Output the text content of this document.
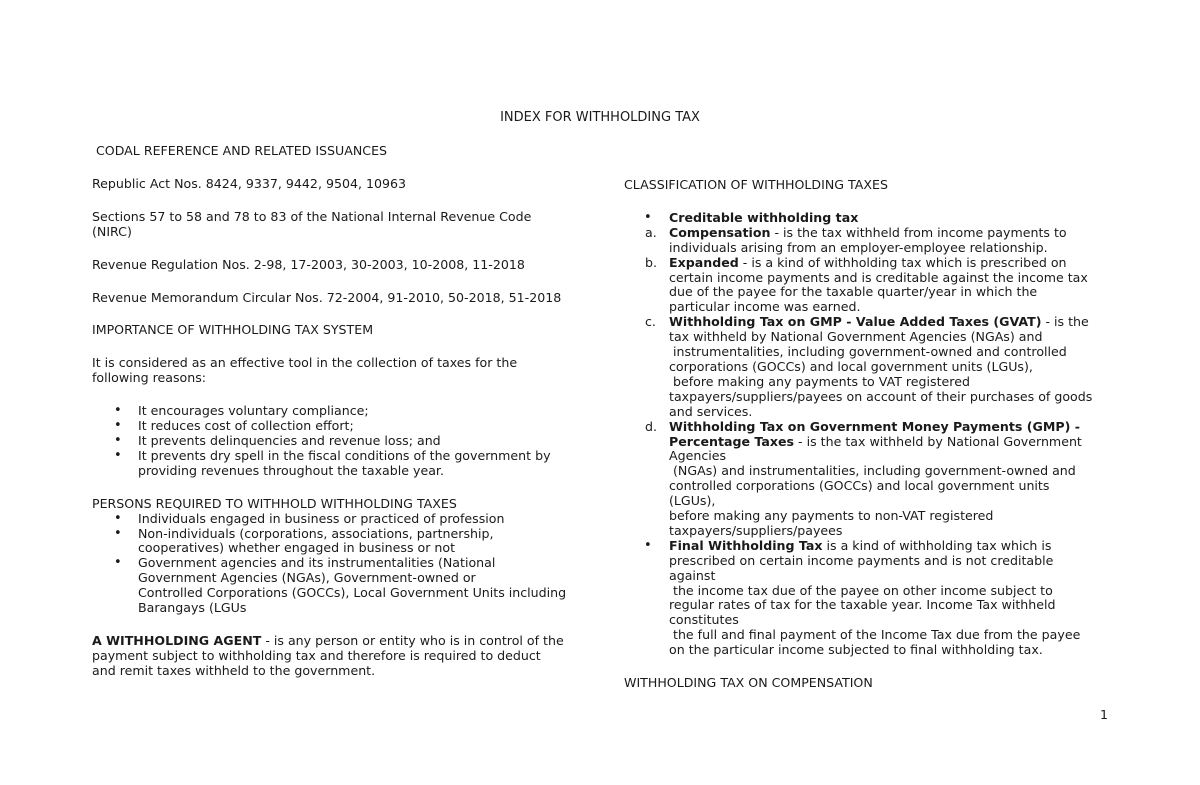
INDEX FOR WITHHOLDING TAX

CODAL REFERENCE AND RELATED ISSUANCES

Republic Act Nos. 8424, 9337, 9442, 9504, 10963

Sections 57 to 58 and 78 to 83 of the National Internal Revenue Code

(NIRC)

Revenue Regulation Nos. 2-98, 17-2003, 30-2003, 10-2008, 11-2018

Revenue Memorandum Circular Nos. 72-2004, 91-2010, 50-2018, 51-2018

IMPORTANCE OF WITHHOLDING TAX SYSTEM

It is considered as an effective tool in the collection of taxes for the

following reasons:

• It encourages voluntary compliance;
• It reduces cost of collection effort;
• It prevents delinquencies and revenue loss; and
• It prevents dry spell in the fiscal conditions of the government by
providing revenues throughout the taxable year.

PERSONS REQUIRED TO WITHHOLD WITHHOLDING TAXES

• Individuals engaged in business or practiced of profession
• Non-individuals (corporations, associations, partnership,
cooperatives) whether engaged in business or not
• Government agencies and its instrumentalities (National
Government Agencies (NGAs), Government-owned or
Controlled Corporations (GOCCs), Local Government Units including
Barangays (LGUs

A WITHHOLDING AGENT - is any person or entity who is in control of the

payment subject to withholding tax and therefore is required to deduct

and remit taxes withheld to the government.

CLASSIFICATION OF WITHHOLDING TAXES

• Creditable withholding tax
a. Compensation - is the tax withheld from income payments to
individuals arising from an employer-employee relationship.
b. Expanded - is a kind of withholding tax which is prescribed on
certain income payments and is creditable against the income tax
due of the payee for the taxable quarter/year in which the
particular income was earned.
c. Withholding Tax on GMP - Value Added Taxes (GVAT) - is the
tax withheld by National Government Agencies (NGAs) and
instrumentalities, including government-owned and controlled
corporations (GOCCs) and local government units (LGUs),
before making any payments to VAT registered
taxpayers/suppliers/payees on account of their purchases of goods
and services.
d. Withholding Tax on Government Money Payments (GMP) -
Percentage Taxes - is the tax withheld by National Government
Agencies
(NGAs) and instrumentalities, including government-owned and
controlled corporations (GOCCs) and local government units
(LGUs),
before making any payments to non-VAT registered
taxpayers/suppliers/payees
• Final Withholding Tax is a kind of withholding tax which is
prescribed on certain income payments and is not creditable
against
the income tax due of the payee on other income subject to
regular rates of tax for the taxable year. Income Tax withheld
constitutes
the full and final payment of the Income Tax due from the payee
on the particular income subjected to final withholding tax.

WITHHOLDING TAX ON COMPENSATION

1
